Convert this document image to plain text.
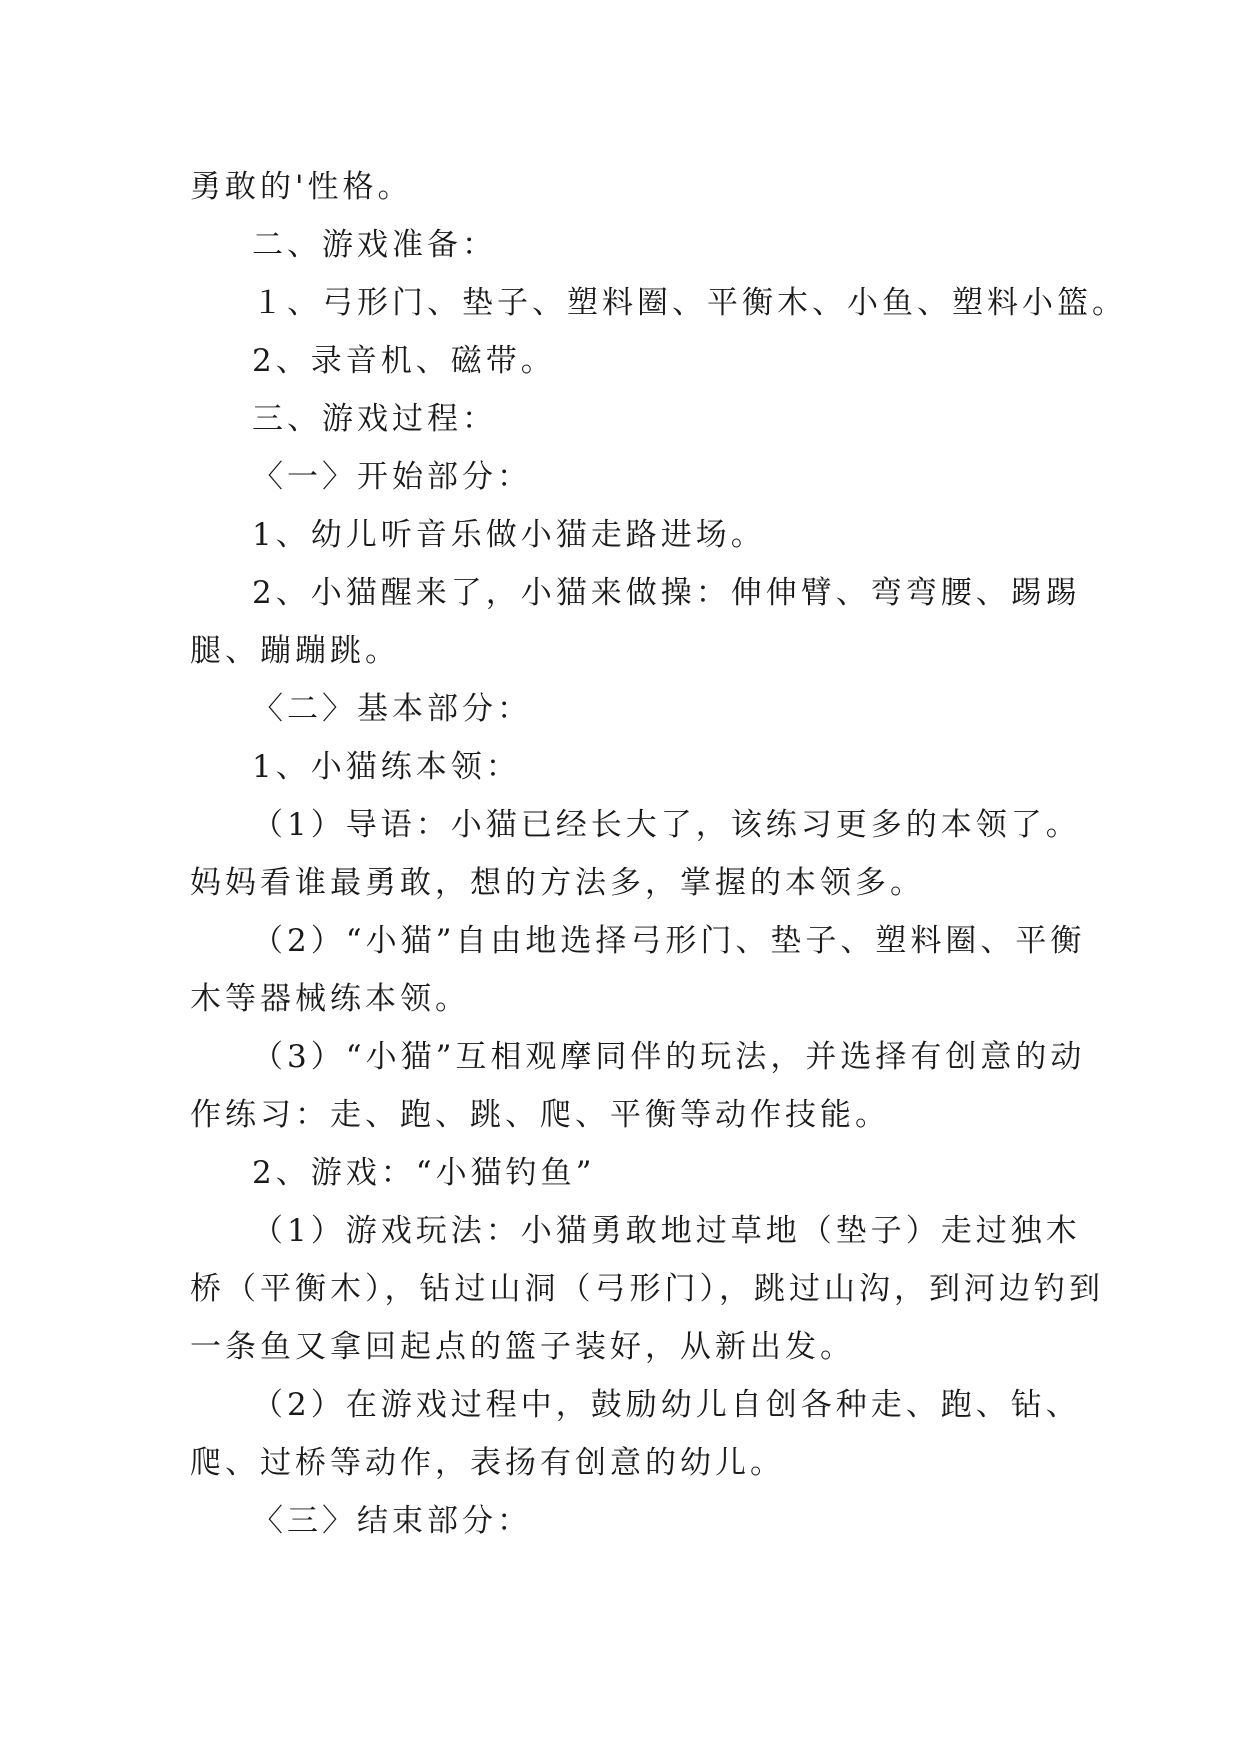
勇敢的'性格。
二、游戏准备：
１、弓形门、垫子、塑料圈、平衡木、小鱼、塑料小篮。
2、录音机、磁带。
三、游戏过程：
〈一〉开始部分：
1、幼儿听音乐做小猫走路进场。
2、小猫醒来了，小猫来做操：伸伸臂、弯弯腰、踢踢
腿、蹦蹦跳。
〈二〉基本部分：
1、小猫练本领：
（1）导语：小猫已经长大了，该练习更多的本领了。
妈妈看谁最勇敢，想的方法多，掌握的本领多。
（2）“小猫”自由地选择弓形门、垫子、塑料圈、平衡
木等器械练本领。
（3）“小猫”互相观摩同伴的玩法，并选择有创意的动
作练习：走、跑、跳、爬、平衡等动作技能。
2、游戏：“小猫钓鱼”
（1）游戏玩法：小猫勇敢地过草地（垫子）走过独木
桥（平衡木），钻过山洞（弓形门），跳过山沟，到河边钓到
一条鱼又拿回起点的篮子装好，从新出发。
（2）在游戏过程中，鼓励幼儿自创各种走、跑、钻、
爬、过桥等动作，表扬有创意的幼儿。
〈三〉结束部分：
